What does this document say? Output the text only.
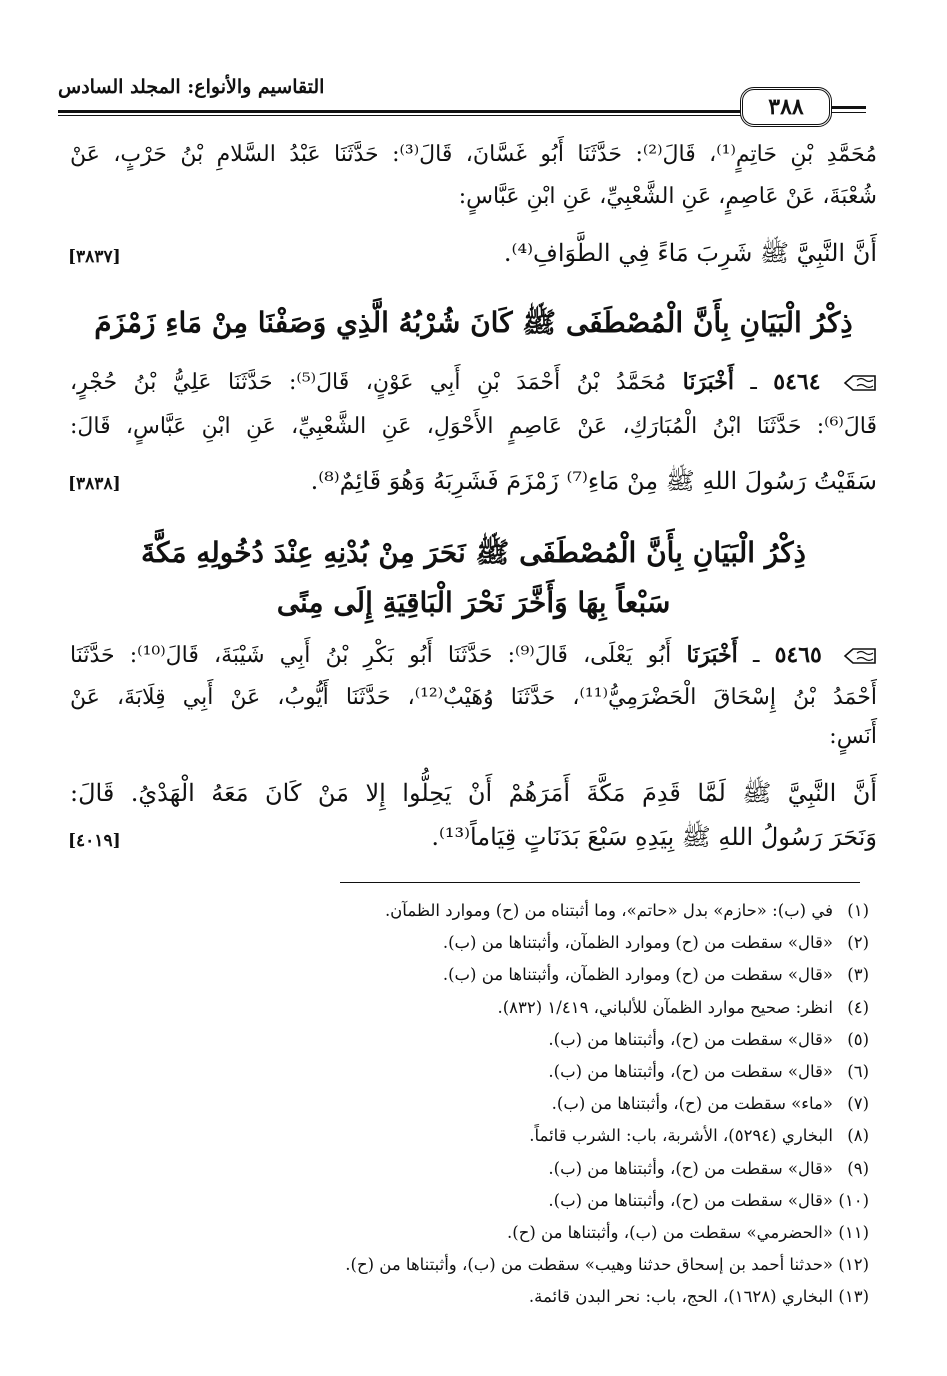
التقاسيم والأنواع: المجلد السادس
٣٨٨
مُحَمَّدِ بْنِ حَاتِمٍ⁽¹⁾، قَالَ⁽²⁾: حَدَّثَنَا أَبُو غَسَّانَ، قَالَ⁽³⁾: حَدَّثَنَا عَبْدُ السَّلامِ بْنُ حَرْبٍ، عَنْ
شُعْبَةَ، عَنْ عَاصِمٍ، عَنِ الشَّعْبِيِّ، عَنِ ابْنِ عَبَّاسٍ:
أَنَّ النَّبِيَّ ﷺ شَرِبَ مَاءً فِي الطَّوَافِ⁽⁴⁾.
[٣٨٣٧]
ذِكْرُ الْبَيَانِ بِأَنَّ الْمُصْطَفَى ﷺ كَانَ شُرْبُهُ الَّذِي وَصَفْنَا مِنْ مَاءِ زَمْزَمَ
٥٤٦٤ ـ أَخْبَرَنَا مُحَمَّدُ بْنُ أَحْمَدَ بْنِ أَبِي عَوْنٍ، قَالَ⁽⁵⁾: حَدَّثَنَا عَلِيُّ بْنُ حُجْرٍ،
قَالَ⁽⁶⁾: حَدَّثَنَا ابْنُ الْمُبَارَكِ، عَنْ عَاصِمٍ الأَحْوَلِ، عَنِ الشَّعْبِيِّ، عَنِ ابْنِ عَبَّاسٍ، قَالَ:
سَقَيْتُ رَسُولَ اللهِ ﷺ مِنْ مَاءِ⁽⁷⁾ زَمْزَمَ فَشَرِبَهُ وَهُوَ قَائِمٌ⁽⁸⁾.
[٣٨٣٨]
ذِكْرُ الْبَيَانِ بِأَنَّ الْمُصْطَفَى ﷺ نَحَرَ مِنْ بُدْنِهِ عِنْدَ دُخُولِهِ مَكَّةَ
سَبْعاً بِهَا وَأَخَّرَ نَحْرَ الْبَاقِيَةِ إِلَى مِنًى
٥٤٦٥ ـ أَخْبَرَنَا أَبُو يَعْلَى، قَالَ⁽⁹⁾: حَدَّثَنَا أَبُو بَكْرِ بْنُ أَبِي شَيْبَةَ، قَالَ⁽¹⁰⁾: حَدَّثَنَا
أَحْمَدُ بْنُ إِسْحَاقَ الْحَضْرَمِيُّ⁽¹¹⁾، حَدَّثَنَا وُهَيْبٌ⁽¹²⁾، حَدَّثَنَا أَيُّوبُ، عَنْ أَبِي قِلَابَةَ، عَنْ
أَنَسٍ:
أَنَّ النَّبِيَّ ﷺ لَمَّا قَدِمَ مَكَّةَ أَمَرَهُمْ أَنْ يَحِلُّوا إِلا مَنْ كَانَ مَعَهُ الْهَدْيُ. قَالَ:
وَنَحَرَ رَسُولُ اللهِ ﷺ بِيَدِهِ سَبْعَ بَدَنَاتٍ قِيَاماً⁽¹³⁾.
[٤٠١٩]
(١)في (ب): «حازم» بدل «حاتم»، وما أثبتناه من (ح) وموارد الظمآن.
(٢)«قال» سقطت من (ح) وموارد الظمآن، وأثبتناها من (ب).
(٣)«قال» سقطت من (ح) وموارد الظمآن، وأثبتناها من (ب).
(٤)انظر: صحيح موارد الظمآن للألباني، ١/٤١٩ (٨٣٢).
(٥)«قال» سقطت من (ح)، وأثبتناها من (ب).
(٦)«قال» سقطت من (ح)، وأثبتناها من (ب).
(٧)«ماء» سقطت من (ح)، وأثبتناها من (ب).
(٨)البخاري (٥٢٩٤)، الأشربة، باب: الشرب قائماً.
(٩)«قال» سقطت من (ح)، وأثبتناها من (ب).
(١٠)«قال» سقطت من (ح)، وأثبتناها من (ب).
(١١)«الحضرمي» سقطت من (ب)، وأثبتناها من (ح).
(١٢)«حدثنا أحمد بن إسحاق حدثنا وهيب» سقطت من (ب)، وأثبتناها من (ح).
(١٣)البخاري (١٦٢٨)، الحج، باب: نحر البدن قائمة.
